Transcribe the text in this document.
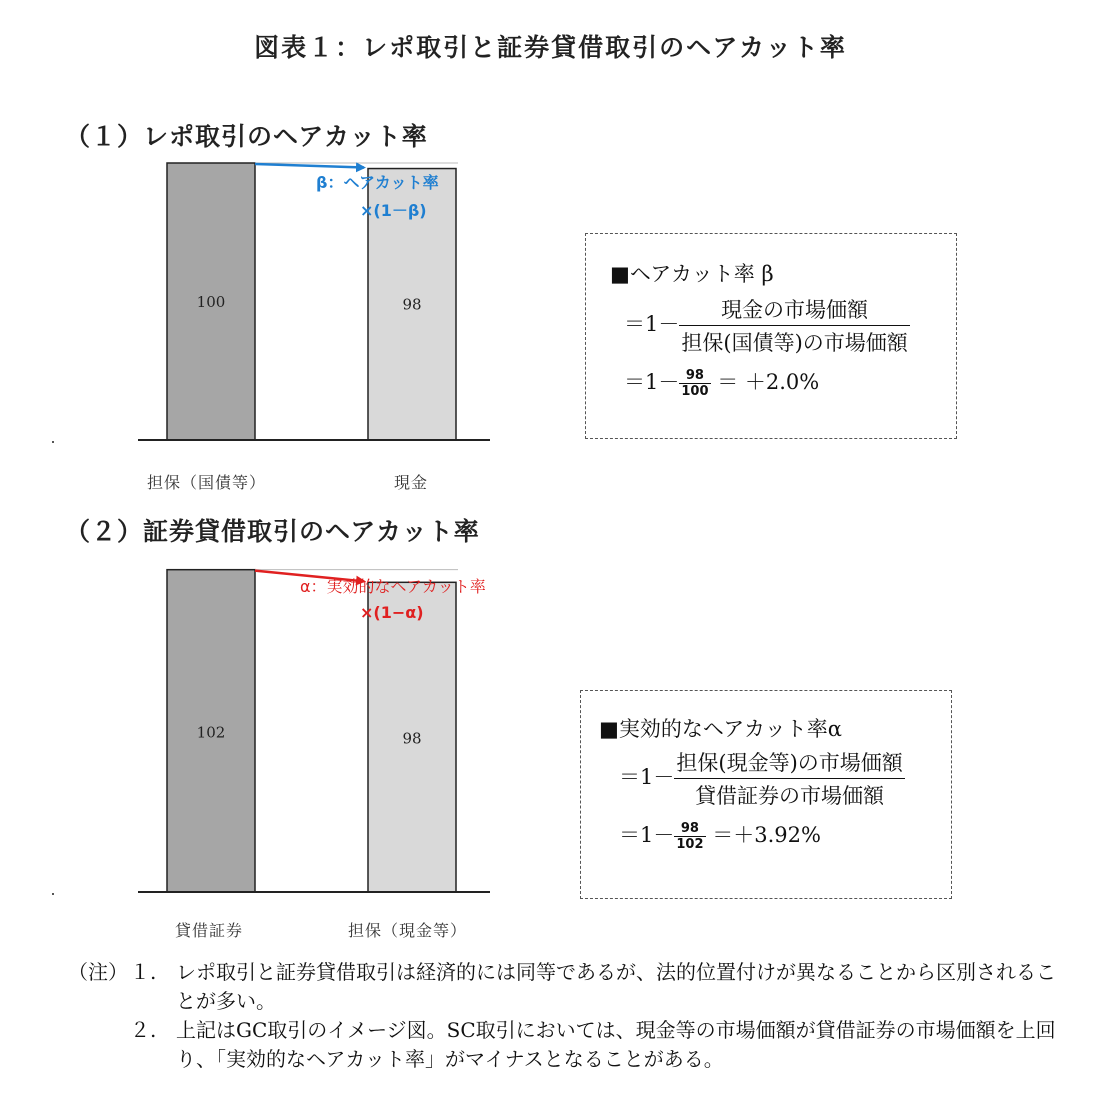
図表１：レポ取引と証券貸借取引のヘアカット率
（１）レポ取引のヘアカット率
100	98
β：ヘアカット率
×(1－β)
担保（国債等）	現金
■ヘアカット率 β
$=1- \frac{\text{現金の市場価額}}{\text{担保(国債等)の市場価額}}$
$=1- \frac{98}{100} = +2.0\%$
（２）証券貸借取引のヘアカット率
102	98
α：実効的なヘアカット率
×(1−α)
貸借証券	担保（現金等）
■実効的なヘアカット率α
$=1- \frac{\text{担保(現金等)の市場価額}}{\text{貸借証券の市場価額}}$
$=1- \frac{98}{102} =+3.92\%$
（注） １. レポ取引と証券貸借取引は経済的には同等であるが、法的位置付けが異なることから区別されることが多い。
２. 上記はGC取引のイメージ図。SC取引においては、現金等の市場価額が貸借証券の市場価額を上回り、「実効的なヘアカット率」がマイナスとなることがある。
